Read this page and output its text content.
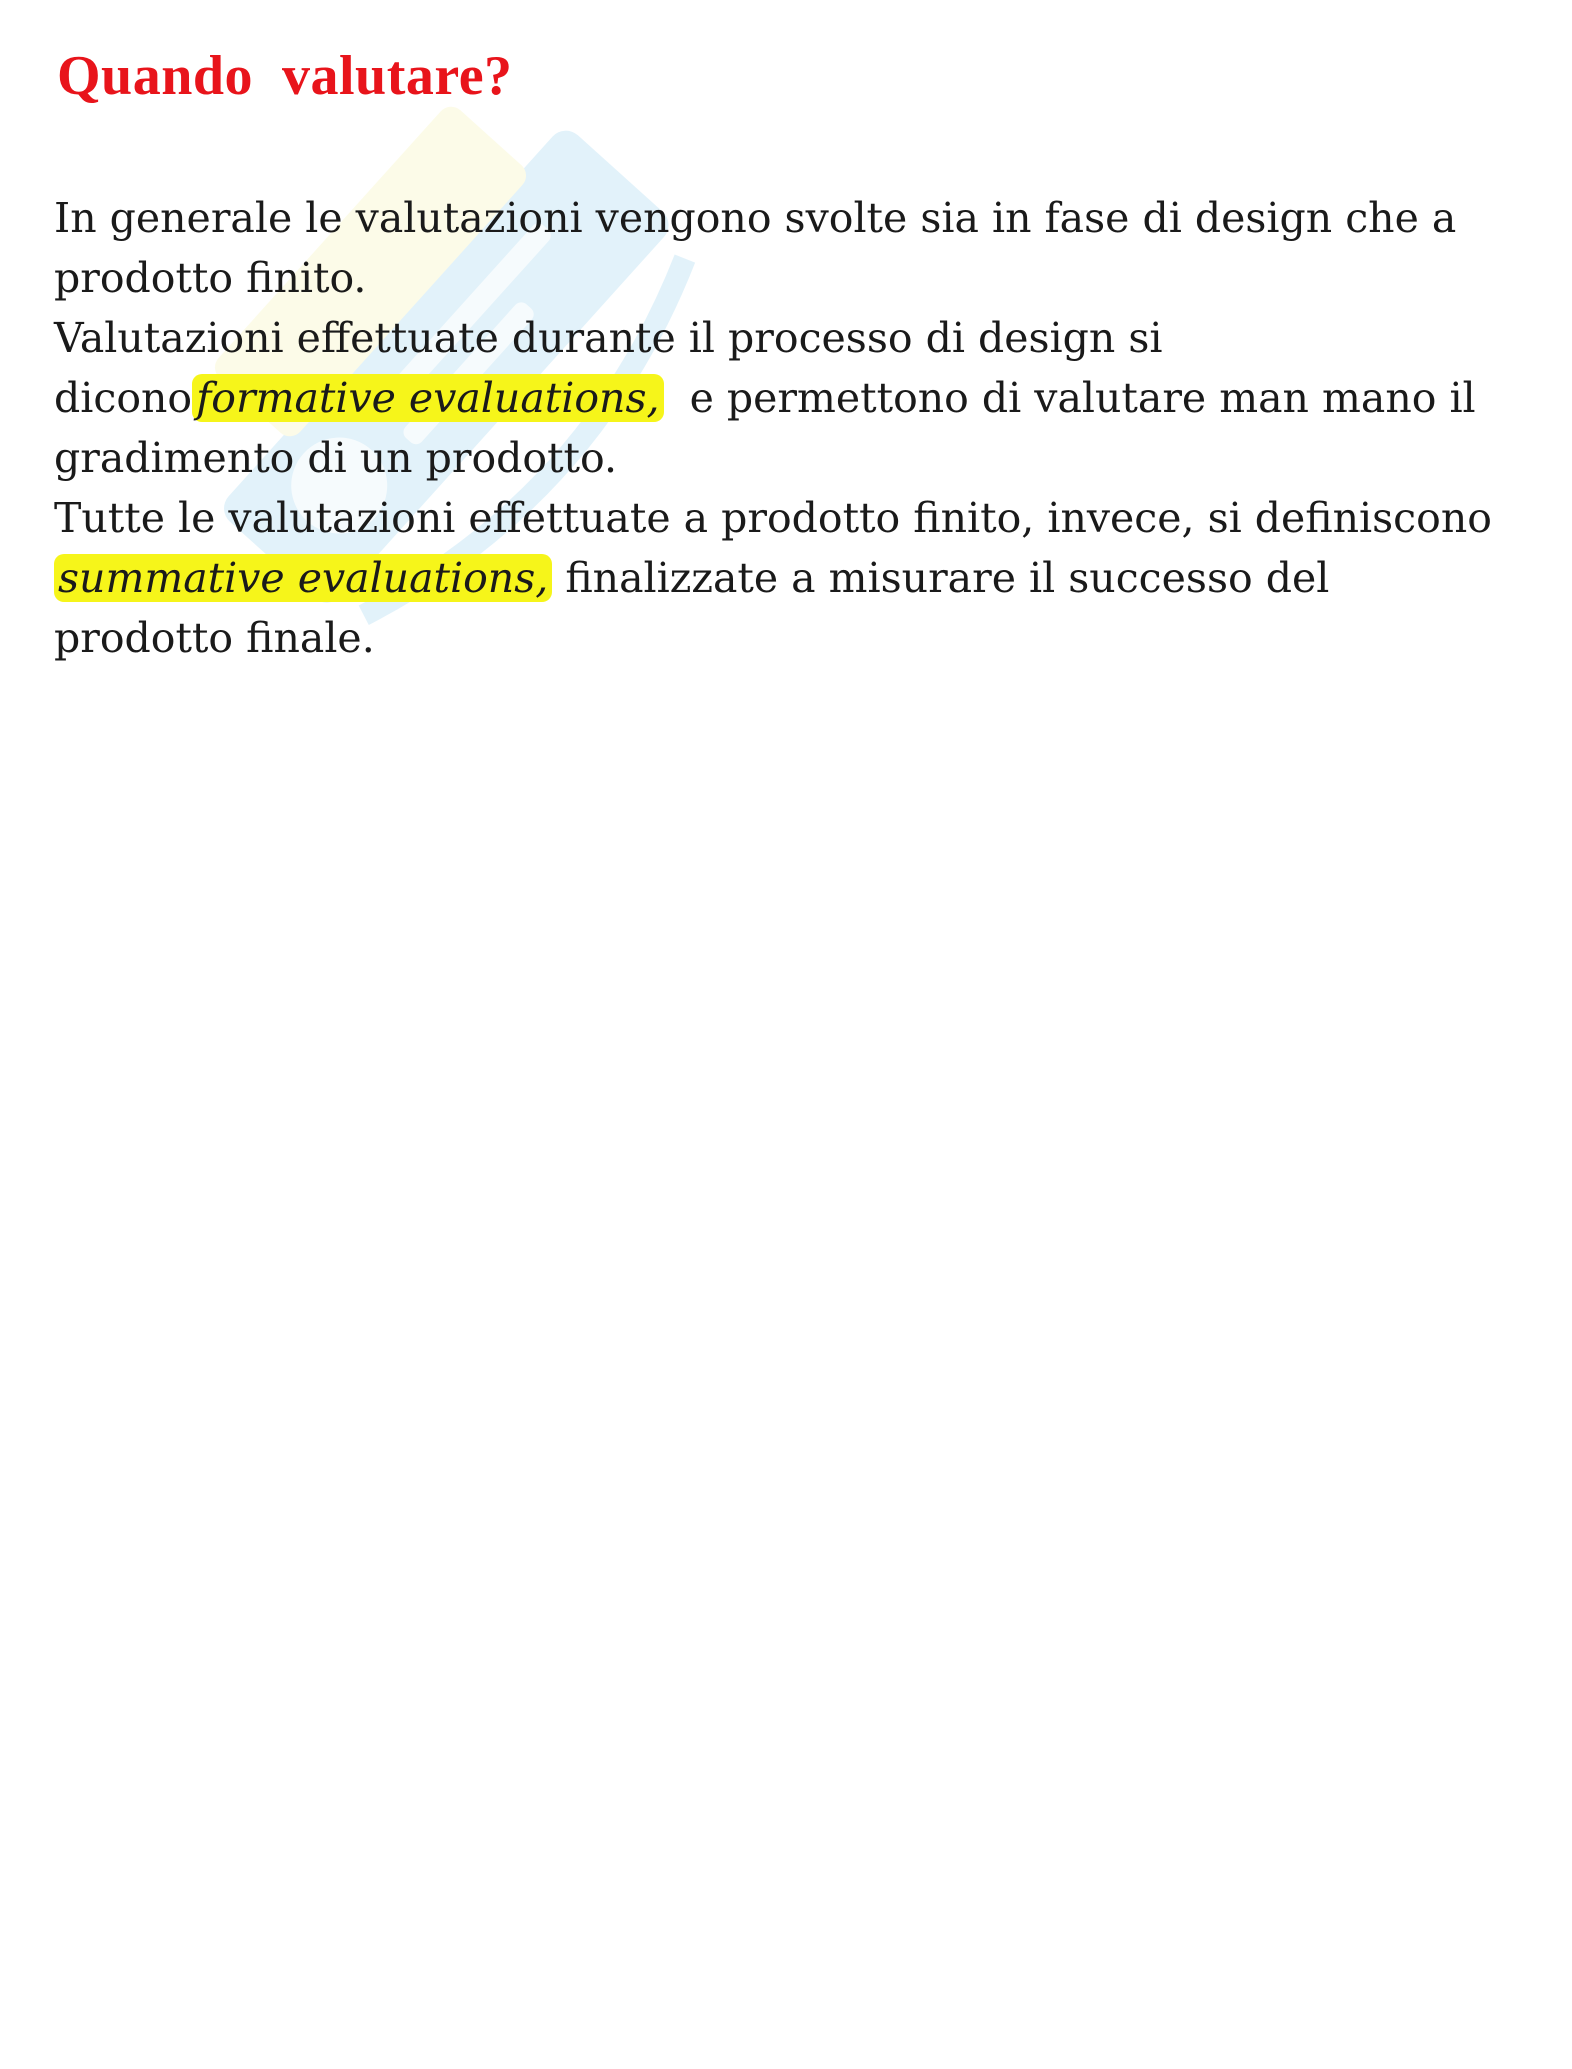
Quando  valutare?

In generale le valutazioni vengono svolte sia in fase di design che a prodotto finito.

Valutazioni effettuate durante il processo di design si diconoformative evaluations,  e permettono di valutare man mano il gradimento di un prodotto.

Tutte le valutazioni effettuate a prodotto finito, invece, si definiscono summative evaluations, finalizzate a misurare il successo del prodotto finale.
